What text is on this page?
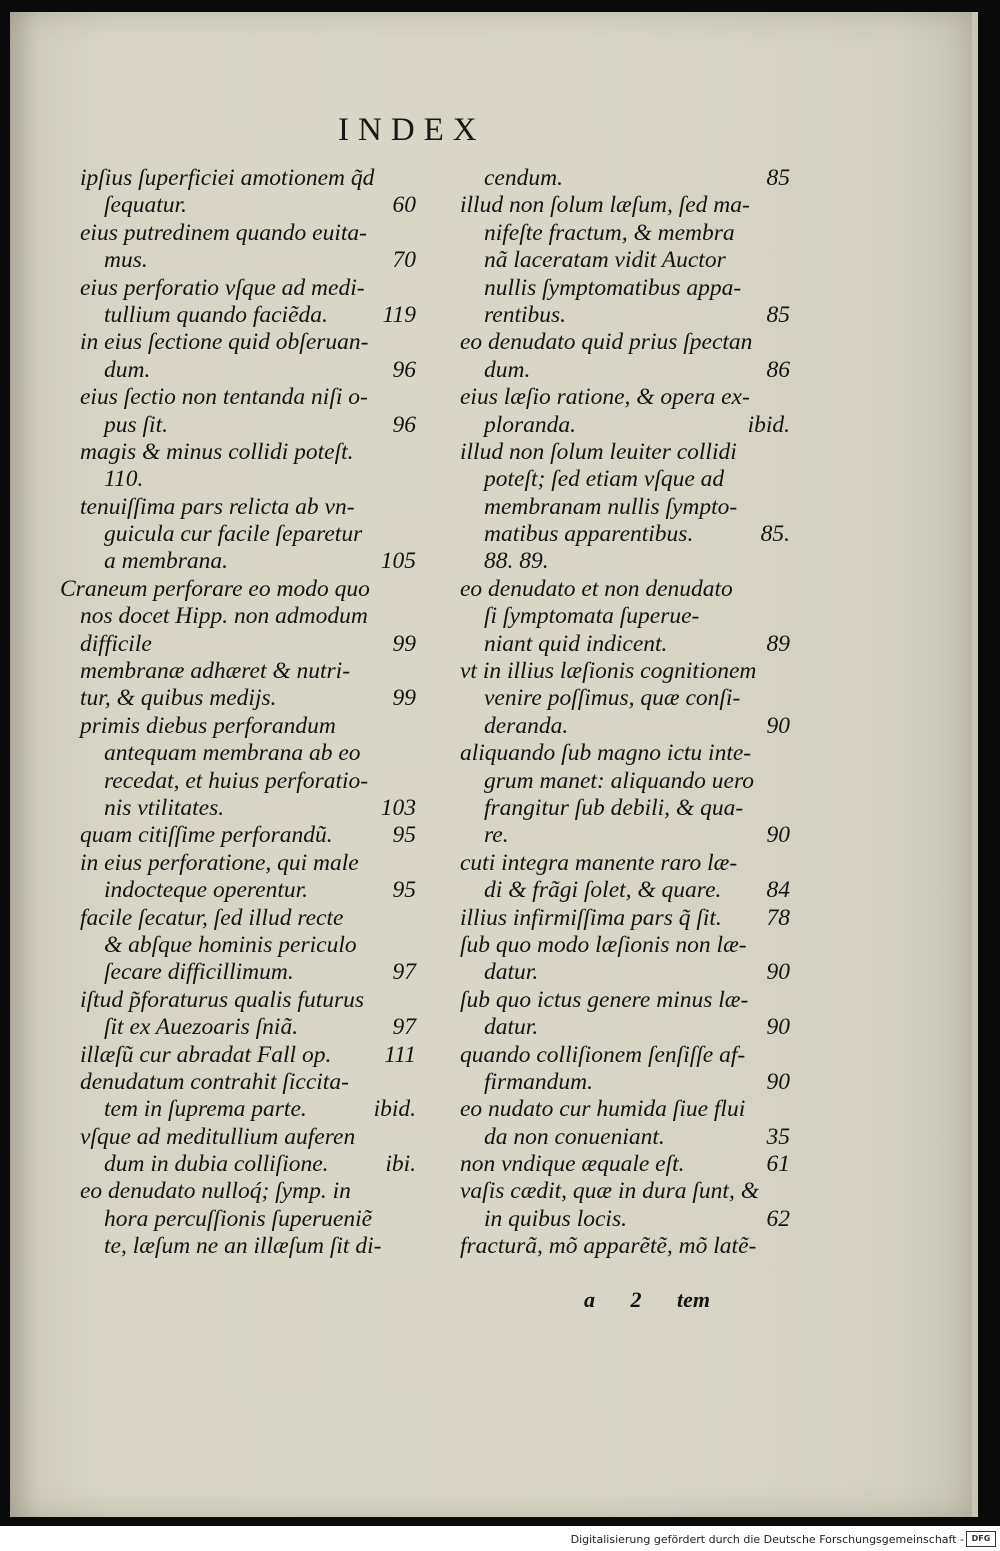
INDEX
ipſius ſuperficiei amotionem q̃d
ſequatur.	60
eius putredinem quando euita-
mus.	70
eius perforatio vſque ad medi-
tullium quando faciẽda. 119
in eius ſectione quid obſeruan-
dum.	96
eius ſectio non tentanda niſi o-
pus ſit.	96
magis & minus collidi poteſt.
110.
tenuiſſima pars relicta ab vn-
guicula cur facile ſeparetur
a membrana.	105
Craneum perforare eo modo quo
nos docet Hipp. non admodum
difficile	99
membranæ adhæret & nutri-
tur, & quibus medijs.	99
primis diebus perforandum
antequam membrana ab eo
recedat, et huius perforatio-
nis vtilitates.	103
quam citiſſime perforandũ.	95
in eius perforatione, qui male
indocteque operentur.	95
facile ſecatur, ſed illud recte
& abſque hominis periculo
ſecare difficillimum.	97
iſtud p̃foraturus qualis futurus
ſit ex Auezoaris ſniã.	97
illæſũ cur abradat Fall op. 111
denudatum contrahit ſiccita-
tem in ſuprema parte.	ibid.
vſque ad meditullium auferen
dum in dubia colliſione. ibi.
eo denudato nulloq́; ſymp. in
hora percuſſionis ſuperueniẽ
te, læſum ne an illæſum ſit di-
cendum.	85
illud non ſolum læſum, ſed ma-
nifeſte fractum, & membra
nã laceratam vidit Auctor
nullis ſymptomatibus appa-
rentibus.	85
eo denudato quid prius ſpectan
dum.	86
eius læſio ratione, & opera ex-
ploranda.	ibid.
illud non ſolum leuiter collidi
poteſt; ſed etiam vſque ad
membranam nullis ſympto-
matibus apparentibus.	85.
88. 89.
eo denudato et non denudato
ſi ſymptomata ſuperue-
niant quid indicent.	89
vt in illius læſionis cognitionem
venire poſſimus, quæ conſi-
deranda.	90
aliquando ſub magno ictu inte-
grum manet: aliquando uero
frangitur ſub debili, & qua-
re.	90
cuti integra manente raro læ-
di & frãgi ſolet, & quare. 84
illius infirmiſſima pars q̃ ſit. 78
ſub quo modo læſionis non læ-
datur.	90
ſub quo ictus genere minus læ-
datur.	90
quando colliſionem ſenſiſſe af-
firmandum.	90
eo nudato cur humida ſiue flui
da non conueniant.	35
non vndique æquale eſt.	61
vaſis cædit, quæ in dura ſunt, &
in quibus locis.	62
fracturã, mõ apparẽtẽ, mõ latẽ-
a 2 tem
Digitalisierung gefördert durch die Deutsche Forschungsgemeinschaft - DFG
